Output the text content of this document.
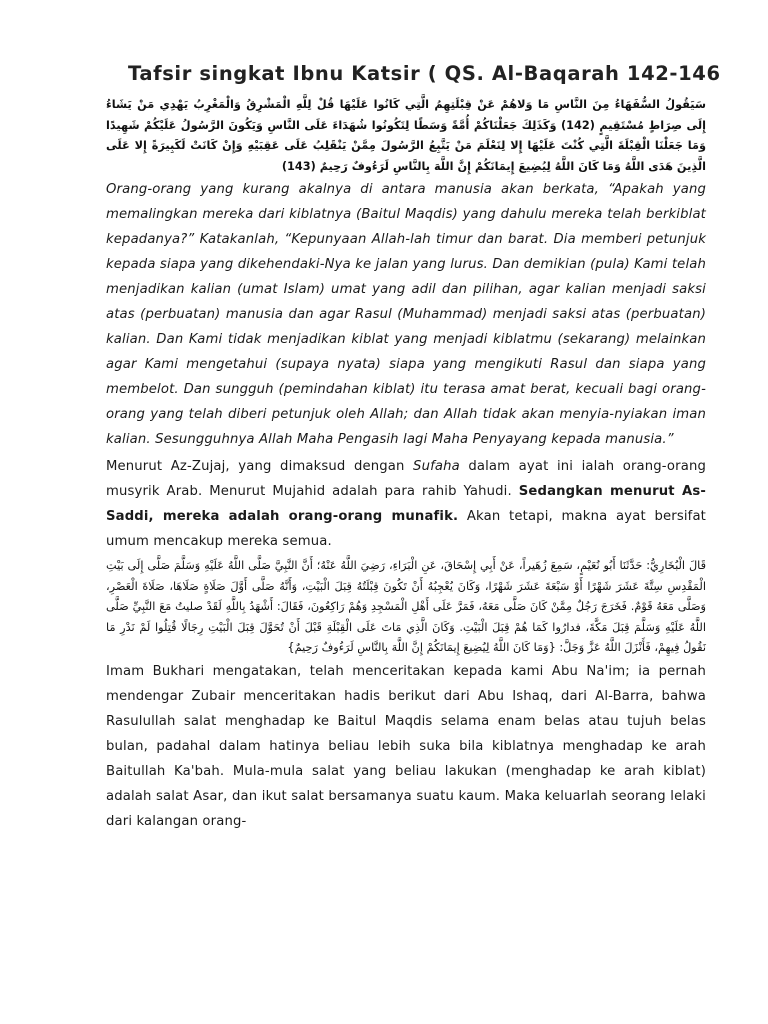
Tafsir singkat Ibnu Katsir ( QS. Al-Baqarah 142-146

سَيَقُولُ السُّفَهَاءُ مِنَ النَّاسِ مَا وَلاهُمْ عَنْ قِبْلَتِهِمُ الَّتِي كَانُوا عَلَيْهَا قُلْ لِلَّهِ الْمَشْرِقُ وَالْمَغْرِبُ يَهْدِي مَنْ يَشَاءُ إِلَى صِرَاطٍ مُسْتَقِيمٍ (142) وَكَذَلِكَ جَعَلْنَاكُمْ أُمَّةً وَسَطًا لِتَكُونُوا شُهَدَاءَ عَلَى النَّاسِ وَيَكُونَ الرَّسُولُ عَلَيْكُمْ شَهِيدًا وَمَا جَعَلْنَا الْقِبْلَةَ الَّتِي كُنْتَ عَلَيْهَا إِلا لِنَعْلَمَ مَنْ يَتَّبِعُ الرَّسُولَ مِمَّنْ يَنْقَلِبُ عَلَى عَقِبَيْهِ وَإِنْ كَانَتْ لَكَبِيرَةً إِلا عَلَى الَّذِينَ هَدَى اللَّهُ وَمَا كَانَ اللَّهُ لِيُضِيعَ إِيمَانَكُمْ إِنَّ اللَّهَ بِالنَّاسِ لَرَءُوفٌ رَحِيمٌ (143)

Orang-orang yang kurang akalnya di antara manusia akan berkata, “Apakah yang memalingkan mereka dari kiblatnya (Baitul Maqdis) yang dahulu mereka telah berkiblat kepadanya?” Katakanlah, “Kepunyaan Allah-lah timur dan barat. Dia memberi petunjuk kepada siapa yang dikehendaki-Nya ke jalan yang lurus. Dan demikian (pula) Kami telah menjadikan kalian (umat Islam) umat yang adil dan pilihan, agar kalian menjadi saksi atas (perbuatan) manusia dan agar Rasul (Muhammad) menjadi saksi atas (perbuatan) kalian. Dan Kami tidak menjadikan kiblat yang menjadi kiblatmu (sekarang) melainkan agar Kami mengetahui (supaya nyata) siapa yang mengikuti Rasul dan siapa yang membelot. Dan sungguh (pemindahan kiblat) itu terasa amat berat, kecuali bagi orang-orang yang telah diberi petunjuk oleh Allah; dan Allah tidak akan menyia-nyiakan iman kalian. Sesungguhnya Allah Maha Pengasih lagi Maha Penyayang kepada manusia.”

Menurut Az-Zujaj, yang dimaksud dengan Sufaha dalam ayat ini ialah orang-orang musyrik Arab. Menurut Mujahid adalah para rahib Yahudi. Sedangkan menurut As-Saddi, mereka adalah orang-orang munafik. Akan tetapi, makna ayat bersifat umum mencakup mereka semua.

قَالَ الْبُخَارِيُّ: حَدَّثَنَا أَبُو نُعَيْمٍ، سَمِعَ زُهَيراً، عَنْ أَبِي إِسْحَاقَ، عَنِ الْبَرَاءِ، رَضِيَ اللَّهُ عَنْهُ؛ أَنَّ النَّبِيَّ صَلَّى اللَّهُ عَلَيْهِ وَسَلَّمَ صَلَّى إِلَى بَيْتِ الْمَقْدِسِ سِتَّةَ عَشَرَ شَهْرًا أَوْ سَبْعَةَ عَشَرَ شَهْرًا، وَكَانَ يُعْجِبُهُ أَنْ تَكُونَ قِبْلَتُهُ قِبَلَ الْبَيْتِ، وَأَنَّهُ صَلَّى أَوَّلَ صَلَاةٍ صَلَاهَا، صَلَاةَ الْعَصْرِ، وَصَلَّى مَعَهُ قَوْمٌ. فَخَرَجَ رَجُلٌ مِمَّنْ كَانَ صَلَّى مَعَهُ، فَمَرَّ عَلَى أَهْلِ الْمَسْجِدِ وَهُمْ رَاكِعُونَ، فَقَالَ: أَشْهَدُ بِاللَّهِ لَقَدْ صليتُ مَعَ النَّبِيِّ صَلَّى اللَّهُ عَلَيْهِ وَسَلَّمَ قِبَلَ مَكَّةَ، فدارُوا كَمَا هُمْ قِبَلَ الْبَيْتِ. وَكَانَ الَّذِي مَاتَ عَلَى الْقِبْلَةِ قَبْلَ أَنْ تُحَوَّلَ قِبَلَ الْبَيْتِ رِجَالًا قُتِلُوا لَمْ نَدْرِ مَا نَقُولُ فِيهِمْ، فَأَنْزَلَ اللَّهُ عَزَّ وَجَلَّ: {وَمَا كَانَ اللَّهُ لِيُضِيعَ إِيمَانَكُمْ إِنَّ اللَّهَ بِالنَّاسِ لَرَءُوفٌ رَحِيمٌ}

Imam Bukhari mengatakan, telah menceritakan kepada kami Abu Na'im; ia pernah mendengar Zubair menceritakan hadis berikut dari Abu Ishaq, dari Al-Barra, bahwa Rasulullah salat menghadap ke Baitul Maqdis selama enam belas atau tujuh belas bulan, padahal dalam hatinya beliau lebih suka bila kiblatnya menghadap ke arah Baitullah Ka'bah. Mula-mula salat yang beliau lakukan (menghadap ke arah kiblat) adalah salat Asar, dan ikut salat bersamanya suatu kaum. Maka keluarlah seorang lelaki dari kalangan orang-
